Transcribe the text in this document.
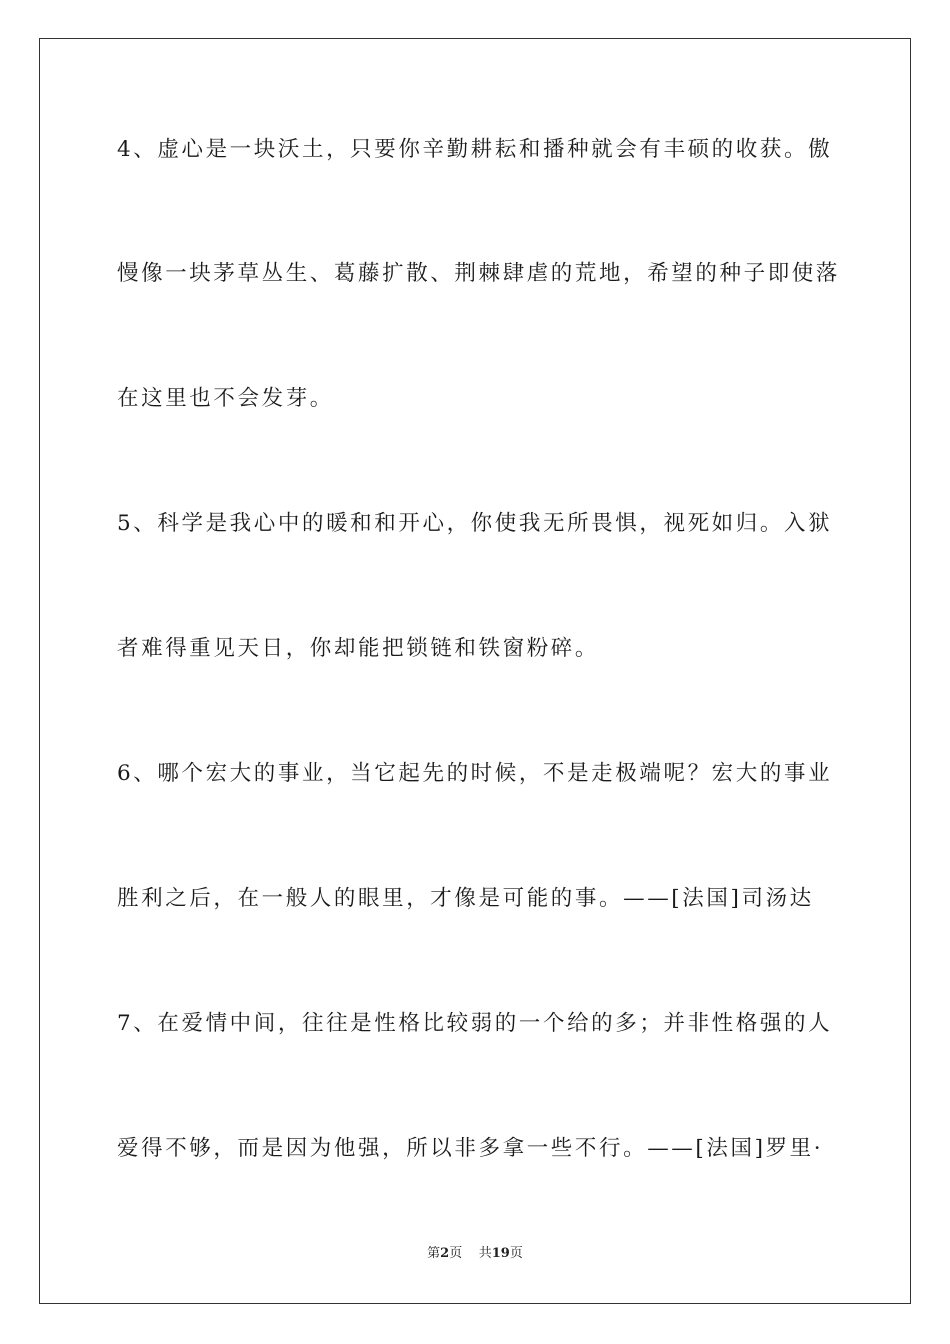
4、虚心是一块沃土，只要你辛勤耕耘和播种就会有丰硕的收获。傲
慢像一块茅草丛生、葛藤扩散、荆棘肆虐的荒地，希望的种子即使落
在这里也不会发芽。
5、科学是我心中的暖和和开心，你使我无所畏惧，视死如归。入狱
者难得重见天日，你却能把锁链和铁窗粉碎。
6、哪个宏大的事业，当它起先的时候，不是走极端呢？宏大的事业
胜利之后，在一般人的眼里，才像是可能的事。——[法国]司汤达
7、在爱情中间，往往是性格比较弱的一个给的多；并非性格强的人
爱得不够，而是因为他强，所以非多拿一些不行。——[法国]罗里·
第2页 共19页
